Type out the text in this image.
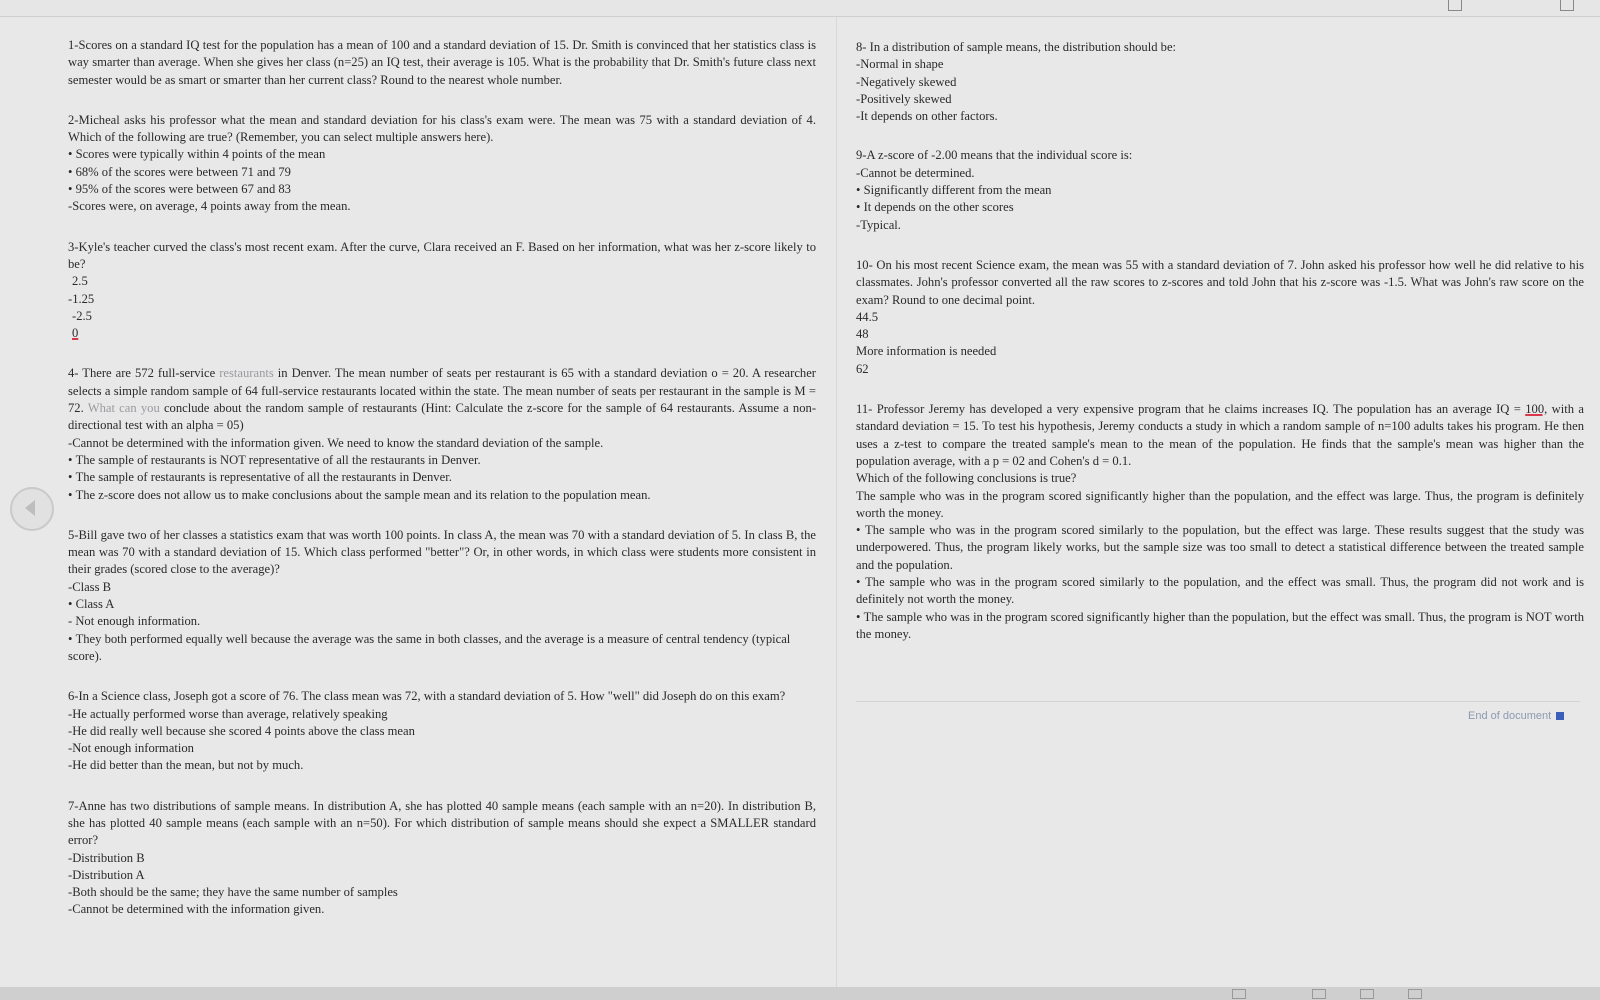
1-Scores on a standard IQ test for the population has a mean of 100 and a standard deviation of 15. Dr. Smith is convinced that her statistics class is way smarter than average. When she gives her class (n=25) an IQ test, their average is 105. What is the probability that Dr. Smith's future class next semester would be as smart or smarter than her current class? Round to the nearest whole number.

2-Micheal asks his professor what the mean and standard deviation for his class's exam were. The mean was 75 with a standard deviation of 4. Which of the following are true? (Remember, you can select multiple answers here).

• Scores were typically within 4 points of the mean
• 68% of the scores were between 71 and 79
• 95% of the scores were between 67 and 83
-Scores were, on average, 4 points away from the mean.

3-Kyle's teacher curved the class's most recent exam. After the curve, Clara received an F. Based on her information, what was her z-score likely to be?

2.5
-1.25
-2.5
0

4- There are 572 full-service restaurants in Denver. The mean number of seats per restaurant is 65 with a standard deviation o = 20. A researcher selects a simple random sample of 64 full-service restaurants located within the state. The mean number of seats per restaurant in the sample is M = 72. What can you conclude about the random sample of restaurants (Hint: Calculate the z-score for the sample of 64 restaurants. Assume a non-directional test with an alpha = 05)

-Cannot be determined with the information given. We need to know the standard deviation of the sample.
• The sample of restaurants is NOT representative of all the restaurants in Denver.
• The sample of restaurants is representative of all the restaurants in Denver.
• The z-score does not allow us to make conclusions about the sample mean and its relation to the population mean.

5-Bill gave two of her classes a statistics exam that was worth 100 points. In class A, the mean was 70 with a standard deviation of 5. In class B, the mean was 70 with a standard deviation of 15. Which class performed "better"? Or, in other words, in which class were students more consistent in their grades (scored close to the average)?

-Class B
• Class A
- Not enough information.
• They both performed equally well because the average was the same in both classes, and the average is a measure of central tendency (typical score).

6-In a Science class, Joseph got a score of 76. The class mean was 72, with a standard deviation of 5. How "well" did Joseph do on this exam?

-He actually performed worse than average, relatively speaking
-He did really well because she scored 4 points above the class mean
-Not enough information
-He did better than the mean, but not by much.

7-Anne has two distributions of sample means. In distribution A, she has plotted 40 sample means (each sample with an n=20). In distribution B, she has plotted 40 sample means (each sample with an n=50). For which distribution of sample means should she expect a SMALLER standard error?

-Distribution B
-Distribution A
-Both should be the same; they have the same number of samples
-Cannot be determined with the information given.

8- In a distribution of sample means, the distribution should be:

-Normal in shape
-Negatively skewed
-Positively skewed
-It depends on other factors.

9-A z-score of -2.00 means that the individual score is:

-Cannot be determined.
• Significantly different from the mean
• It depends on the other scores
-Typical.

10- On his most recent Science exam, the mean was 55 with a standard deviation of 7. John asked his professor how well he did relative to his classmates. John's professor converted all the raw scores to z-scores and told John that his z-score was -1.5. What was John's raw score on the exam? Round to one decimal point.

44.5
48
More information is needed
62

11- Professor Jeremy has developed a very expensive program that he claims increases IQ. The population has an average IQ = 100, with a standard deviation = 15. To test his hypothesis, Jeremy conducts a study in which a random sample of n=100 adults takes his program. He then uses a z-test to compare the treated sample's mean to the mean of the population. He finds that the sample's mean was higher than the population average, with a p = 02 and Cohen's d = 0.1.

Which of the following conclusions is true?
The sample who was in the program scored significantly higher than the population, and the effect was large. Thus, the program is definitely worth the money.
• The sample who was in the program scored similarly to the population, but the effect was large. These results suggest that the study was underpowered. Thus, the program likely works, but the sample size was too small to detect a statistical difference between the treated sample and the population.
• The sample who was in the program scored similarly to the population, and the effect was small. Thus, the program did not work and is definitely not worth the money.
• The sample who was in the program scored significantly higher than the population, but the effect was small. Thus, the program is NOT worth the money.
End of document
